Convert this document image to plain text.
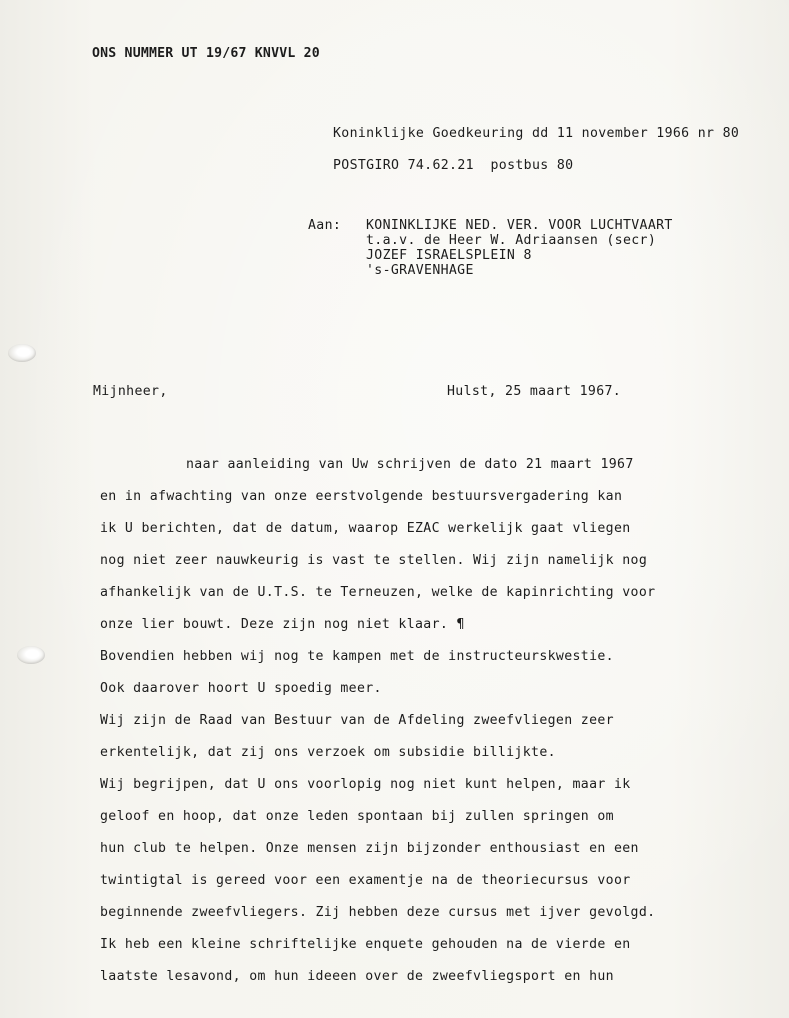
ONS NUMMER UT 19/67 KNVVL 20
Koninklijke Goedkeuring dd 11 november 1966 nr 80
POSTGIRO 74.62.21  postbus 80
Aan: KONINKLIJKE NED. VER. VOOR LUCHTVAART
t.a.v. de Heer W. Adriaansen (secr)
JOZEF ISRAELSPLEIN 8
's-GRAVENHAGE
Mijnheer,	Hulst, 25 maart 1967.
naar aanleiding van Uw schrijven de dato 21 maart 1967
en in afwachting van onze eerstvolgende bestuursvergadering kan
ik U berichten, dat de datum, waarop EZAC werkelijk gaat vliegen
nog niet zeer nauwkeurig is vast te stellen. Wij zijn namelijk nog
afhankelijk van de U.T.S. te Terneuzen, welke de kapinrichting voor
onze lier bouwt. Deze zijn nog niet klaar. ¶
Bovendien hebben wij nog te kampen met de instructeurskwestie.
Ook daarover hoort U spoedig meer.
Wij zijn de Raad van Bestuur van de Afdeling zweefvliegen zeer
erkentelijk, dat zij ons verzoek om subsidie billijkte.
Wij begrijpen, dat U ons voorlopig nog niet kunt helpen, maar ik
geloof en hoop, dat onze leden spontaan bij zullen springen om
hun club te helpen. Onze mensen zijn bijzonder enthousiast en een
twintigtal is gereed voor een examentje na de theoriecursus voor
beginnende zweefvliegers. Zij hebben deze cursus met ijver gevolgd.
Ik heb een kleine schriftelijke enquete gehouden na de vierde en
laatste lesavond, om hun ideeen over de zweefvliegsport en hun
